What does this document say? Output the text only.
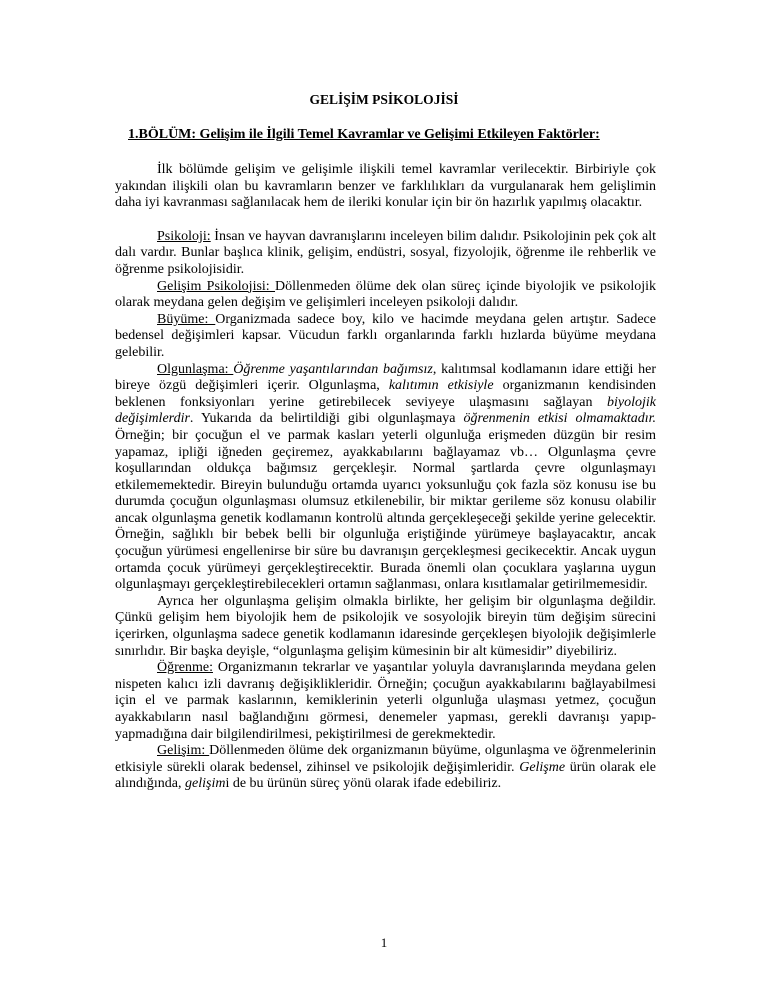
GELİŞİM PSİKOLOJİSİ
1.BÖLÜM: Gelişim ile İlgili Temel Kavramlar ve Gelişimi Etkileyen Faktörler:

İlk bölümde gelişim ve gelişimle ilişkili temel kavramlar verilecektir. Birbiriyle çok yakından ilişkili olan bu kavramların benzer ve farklılıkları da vurgulanarak hem gelişlimin daha iyi kavranması sağlanılacak hem de ileriki konular için bir ön hazırlık yapılmış olacaktır.

Psikoloji: İnsan ve hayvan davranışlarını inceleyen bilim dalıdır. Psikolojinin pek çok alt dalı vardır. Bunlar başlıca klinik, gelişim, endüstri, sosyal, fizyolojik, öğrenme ile rehberlik ve öğrenme psikolojisidir.

Gelişim Psikolojisi: Döllenmeden ölüme dek olan süreç içinde biyolojik ve psikolojik olarak meydana gelen değişim ve gelişimleri inceleyen psikoloji dalıdır.

Büyüme: Organizmada sadece boy, kilo ve hacimde meydana gelen artıştır. Sadece bedensel değişimleri kapsar. Vücudun farklı organlarında farklı hızlarda büyüme meydana gelebilir.

Olgunlaşma: Öğrenme yaşantılarından bağımsız, kalıtımsal kodlamanın idare ettiği her bireye özgü değişimleri içerir. Olgunlaşma, kalıtımın etkisiyle organizmanın kendisinden beklenen fonksiyonları yerine getirebilecek seviyeye ulaşmasını sağlayan biyolojik değişimlerdir. Yukarıda da belirtildiği gibi olgunlaşmaya öğrenmenin etkisi olmamaktadır. Örneğin; bir çocuğun el ve parmak kasları yeterli olgunluğa erişmeden düzgün bir resim yapamaz, ipliği iğneden geçiremez, ayakkabılarını bağlayamaz vb… Olgunlaşma çevre koşullarından oldukça bağımsız gerçekleşir. Normal şartlarda çevre olgunlaşmayı etkilememektedir. Bireyin bulunduğu ortamda uyarıcı yoksunluğu çok fazla söz konusu ise bu durumda çocuğun olgunlaşması olumsuz etkilenebilir, bir miktar gerileme söz konusu olabilir ancak olgunlaşma genetik kodlamanın kontrolü altında gerçekleşeceği şekilde yerine gelecektir. Örneğin, sağlıklı bir bebek belli bir olgunluğa eriştiğinde yürümeye başlayacaktır, ancak çocuğun yürümesi engellenirse bir süre bu davranışın gerçekleşmesi gecikecektir. Ancak uygun ortamda çocuk yürümeyi gerçekleştirecektir. Burada önemli olan çocuklara yaşlarına uygun olgunlaşmayı gerçekleştirebilecekleri ortamın sağlanması, onlara kısıtlamalar getirilmemesidir.

Ayrıca her olgunlaşma gelişim olmakla birlikte, her gelişim bir olgunlaşma değildir. Çünkü gelişim hem biyolojik hem de psikolojik ve sosyolojik bireyin tüm değişim sürecini içerirken, olgunlaşma sadece genetik kodlamanın idaresinde gerçekleşen biyolojik değişimlerle sınırlıdır. Bir başka deyişle, “olgunlaşma gelişim kümesinin bir alt kümesidir” diyebiliriz.

Öğrenme: Organizmanın tekrarlar ve yaşantılar yoluyla davranışlarında meydana gelen nispeten kalıcı izli davranış değişiklikleridir. Örneğin; çocuğun ayakkabılarını bağlayabilmesi için el ve parmak kaslarının, kemiklerinin yeterli olgunluğa ulaşması yetmez, çocuğun ayakkabıların nasıl bağlandığını görmesi, denemeler yapması, gerekli davranışı yapıp-yapmadığına dair bilgilendirilmesi, pekiştirilmesi de gerekmektedir.

Gelişim: Döllenmeden ölüme dek organizmanın büyüme, olgunlaşma ve öğrenmelerinin etkisiyle sürekli olarak bedensel, zihinsel ve psikolojik değişimleridir. Gelişme ürün olarak ele alındığında, gelişimi de bu ürünün süreç yönü olarak ifade edebiliriz.

1
